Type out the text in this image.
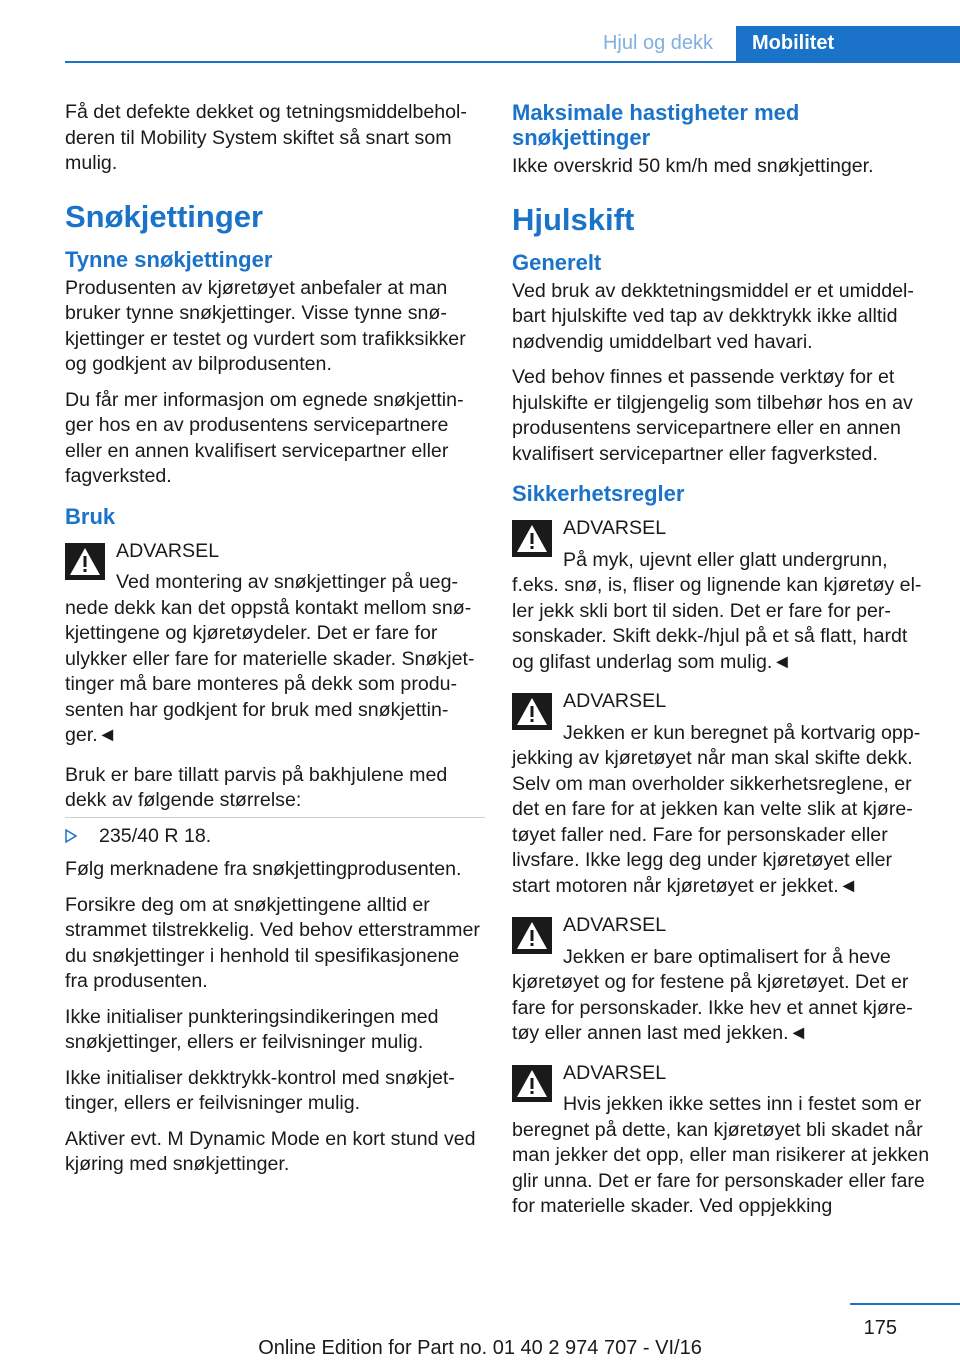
Hjul og dekk	Mobilitet

Få det defekte dekket og tetningsmiddelbeholderen til Mobility System skiftet så snart som mulig.

Snøkjettinger
Tynne snøkjettinger

Produsenten av kjøretøyet anbefaler at man bruker tynne snøkjettinger. Visse tynne snøkjettinger er testet og vurdert som trafikksikker og godkjent av bilprodusenten.

Du får mer informasjon om egnede snøkjettinger hos en av produsentens servicepartnere eller en annen kvalifisert servicepartner eller fagverksted.

Bruk
ADVARSEL

Ved montering av snøkjettinger på uegnede dekk kan det oppstå kontakt mellom snøkjettingene og kjøretøydeler. Det er fare for ulykker eller fare for materielle skader. Snøkjettinger må bare monteres på dekk som produsenten har godkjent for bruk med snøkjettinger.◄

Bruk er bare tillatt parvis på bakhjulene med dekk av følgende størrelse:

235/40 R 18.

Følg merknadene fra snøkjettingprodusenten.

Forsikre deg om at snøkjettingene alltid er strammet tilstrekkelig. Ved behov etterstrammer du snøkjettinger i henhold til spesifikasjonene fra produsenten.

Ikke initialiser punkteringsindikeringen med snøkjettinger, ellers er feilvisninger mulig.

Ikke initialiser dekktrykk-kontrol med snøkjettinger, ellers er feilvisninger mulig.

Aktiver evt. M Dynamic Mode en kort stund ved kjøring med snøkjettinger.

Maksimale hastigheter med snøkjettinger

Ikke overskrid 50 km/h med snøkjettinger.

Hjulskift
Generelt

Ved bruk av dekktetningsmiddel er et umiddelbart hjulskifte ved tap av dekktrykk ikke alltid nødvendig umiddelbart ved havari.

Ved behov finnes et passende verktøy for et hjulskifte er tilgjengelig som tilbehør hos en av produsentens servicepartnere eller en annen kvalifisert servicepartner eller fagverksted.

Sikkerhetsregler
ADVARSEL

På myk, ujevnt eller glatt undergrunn, f.eks. snø, is, fliser og lignende kan kjøretøy eller jekk skli bort til siden. Det er fare for personskader. Skift dekk-/hjul på et så flatt, hardt og glifast underlag som mulig.◄

ADVARSEL

Jekken er kun beregnet på kortvarig oppjekking av kjøretøyet når man skal skifte dekk. Selv om man overholder sikkerhetsreglene, er det en fare for at jekken kan velte slik at kjøretøyet faller ned. Fare for personskader eller livsfare. Ikke legg deg under kjøretøyet eller start motoren når kjøretøyet er jekket.◄

ADVARSEL

Jekken er bare optimalisert for å heve kjøretøyet og for festene på kjøretøyet. Det er fare for personskader. Ikke hev et annet kjøretøy eller annen last med jekken.◄

ADVARSEL

Hvis jekken ikke settes inn i festet som er beregnet på dette, kan kjøretøyet bli skadet når man jekker det opp, eller man risikerer at jekken glir unna. Det er fare for personskader eller fare for materielle skader. Ved oppjekking

175
Online Edition for Part no. 01 40 2 974 707 - VI/16
